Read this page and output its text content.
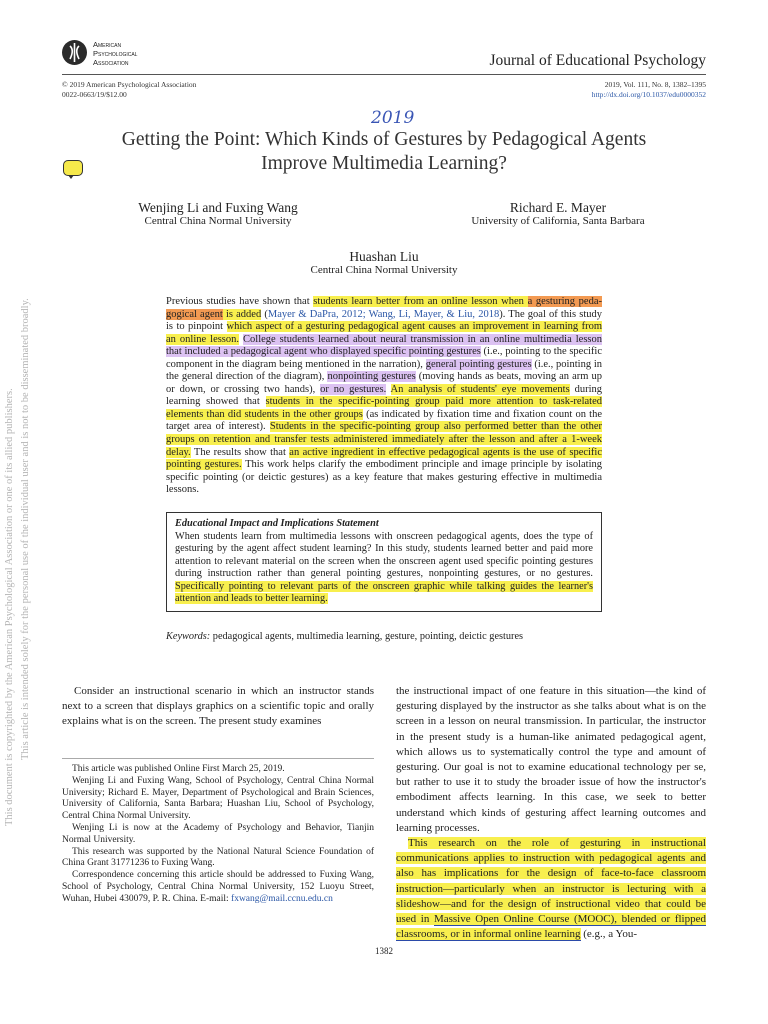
This document is copyrighted by the American Psychological Association or one of its allied publishers. This article is intended solely for the personal use of the individual user and is not to be disseminated broadly.
American
Psychological
Association	Journal of Educational Psychology
© 2019 American Psychological Association
0022-0663/19/$12.00
2019, Vol. 111, No. 8, 1382–1395
http://dx.doi.org/10.1037/edu0000352
2019
Getting the Point: Which Kinds of Gestures by Pedagogical Agents
Improve Multimedia Learning?
Wenjing Li and Fuxing Wang
Central China Normal University
Richard E. Mayer
University of California, Santa Barbara
Huashan Liu
Central China Normal University
Previous studies have shown that students learn better from an online lesson when a gesturing peda-gogical agent is added (Mayer & DaPra, 2012; Wang, Li, Mayer, & Liu, 2018). The goal of this study is to pinpoint which aspect of a gesturing pedagogical agent causes an improvement in learning from an online lesson. College students learned about neural transmission in an online multimedia lesson that included a pedagogical agent who displayed specific pointing gestures (i.e., pointing to the specific component in the diagram being mentioned in the narration), general pointing gestures (i.e., pointing in the general direction of the diagram), nonpointing gestures (moving hands as beats, moving an arm up or down, or crossing two hands), or no gestures. An analysis of students' eye movements during learning showed that students in the specific-pointing group paid more attention to task-related elements than did students in the other groups (as indicated by fixation time and fixation count on the target area of interest). Students in the specific-pointing group also performed better than the other groups on retention and transfer tests administered immediately after the lesson and after a 1-week delay. The results show that an active ingredient in effective pedagogical agents is the use of specific pointing gestures. This work helps clarify the embodiment principle and image principle by isolating specific pointing (or deictic gestures) as a key feature that makes gesturing effective in multimedia lessons.
Educational Impact and Implications Statement
When students learn from multimedia lessons with onscreen pedagogical agents, does the type of gesturing by the agent affect student learning? In this study, students learned better and paid more attention to relevant material on the screen when the onscreen agent used specific pointing gestures during instruction rather than general pointing gestures, nonpointing gestures, or no gestures. Specifically pointing to relevant parts of the onscreen graphic while talking guides the learner's attention and leads to better learning.
Keywords: pedagogical agents, multimedia learning, gesture, pointing, deictic gestures
Consider an instructional scenario in which an instructor stands next to a screen that displays graphics on a scientific topic and orally explains what is on the screen. The present study examines

This article was published Online First March 25, 2019.

Wenjing Li and Fuxing Wang, School of Psychology, Central China Normal University; Richard E. Mayer, Department of Psychological and Brain Sciences, University of California, Santa Barbara; Huashan Liu, School of Psychology, Central China Normal University.

Wenjing Li is now at the Academy of Psychology and Behavior, Tianjin Normal University.

This research was supported by the National Natural Science Foundation of China Grant 31771236 to Fuxing Wang.

Correspondence concerning this article should be addressed to Fuxing Wang, School of Psychology, Central China Normal University, 152 Luoyu Street, Wuhan, Hubei 430079, P. R. China. E-mail: fxwang@mail.ccnu.edu.cn

the instructional impact of one feature in this situation—the kind of gesturing displayed by the instructor as she talks about what is on the screen in a lesson on neural transmission. In particular, the instructor in the present study is a human-like animated pedagogical agent, which allows us to systematically control the type and amount of gesturing. Our goal is not to examine educational technology per se, but rather to use it to study the broader issue of how the instructor's embodiment affects learning. In this case, we seek to better understand which kinds of gesturing affect learning outcomes and learning processes.
This research on the role of gesturing in instructional communications applies to instruction with pedagogical agents and also has implications for the design of face-to-face classroom instruction—particularly when an instructor is lecturing with a slideshow—and for the design of instructional video that could be used in Massive Open Online Course (MOOC), blended or flipped classrooms, or in informal online learning (e.g., a You-
1382
